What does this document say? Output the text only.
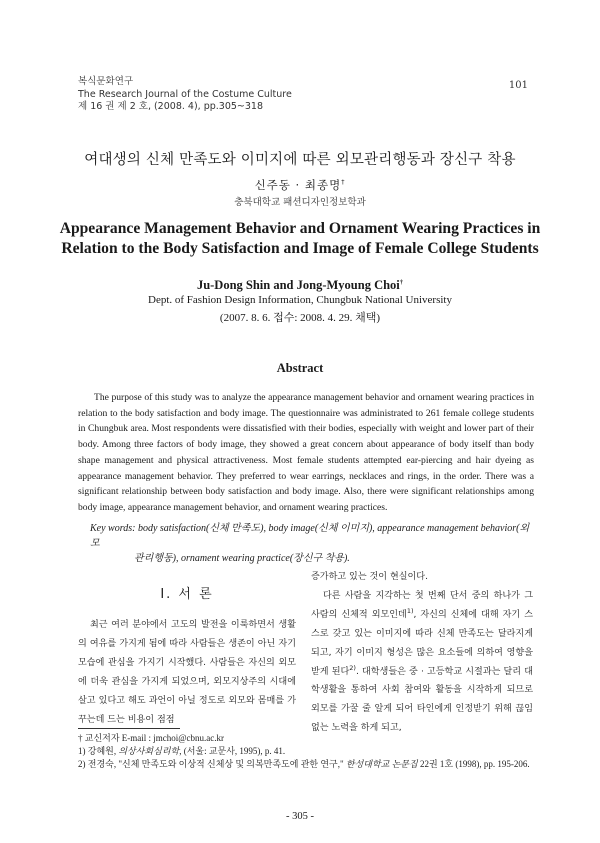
복식문화연구
The Research Journal of the Costume Culture
제 16 권 제 2 호, (2008. 4), pp.305~318
101
여대생의 신체 만족도와 이미지에 따른 외모관리행동과 장신구 착용
신주동 · 최종명†
충북대학교 패션디자인정보학과
Appearance Management Behavior and Ornament Wearing Practices in
Relation to the Body Satisfaction and Image of Female College Students
Ju-Dong Shin and Jong-Myoung Choi†
Dept. of Fashion Design Information, Chungbuk National University
(2007. 8. 6. 접수: 2008. 4. 29. 채택)
Abstract

The purpose of this study was to analyze the appearance management behavior and ornament wearing practices in relation to the body satisfaction and body image. The questionnaire was administrated to 261 female college students in Chungbuk area. Most respondents were dissatisfied with their bodies, especially with weight and lower part of their body. Among three factors of body image, they showed a great concern about appearance of body itself than body shape management and physical attractiveness. Most female students attempted ear-piercing and hair dyeing as appearance management behavior. They preferred to wear earrings, necklaces and rings, in the order. There was a significant relationship between body satisfaction and body image. Also, there were significant relationships among body image, appearance management behavior, and ornament wearing practices.

Key words: body satisfaction(신체 만족도), body image(신체 이미지), appearance management behavior(외모
관리행동), ornament wearing practice(장신구 착용).

I. 서 론

최근 여러 분야에서 고도의 발전을 이룩하면서 생활의 여유를 가지게 됨에 따라 사람들은 생존이 아닌 자기 모습에 관심을 가지기 시작했다. 사람들은 자신의 외모에 더욱 관심을 가지게 되었으며, 외모지상주의 시대에 살고 있다고 해도 과언이 아닐 정도로 외모와 몸매를 가꾸는데 드는 비용이 점점

증가하고 있는 것이 현실이다.

다른 사람을 지각하는 첫 번째 단서 중의 하나가 그 사람의 신체적 외모인데$^{1)}$, 자신의 신체에 대해 자기 스스로 갖고 있는 이미지에 따라 신체 만족도는 달라지게 되고, 자기 이미지 형성은 많은 요소들에 의하여 영향을 받게 된다$^{2)}$. 대학생들은 중 · 고등학교 시절과는 달리 대학생활을 통하여 사회 참여와 활동을 시작하게 되므로 외모를 가꿀 줄 알게 되어 타인에게 인정받기 위해 끊임없는 노력을 하게 되고,

† 교신저자 E-mail : jmchoi@cbnu.ac.kr

1) 강혜원, 의상사회심리학, (서울: 교문사, 1995), p. 41.

2) 전경숙, "신체 만족도와 이상적 신체상 및 의복만족도에 관한 연구," 한성대학교 논문집 22권 1호 (1998), pp. 195-206.

- 305 -
